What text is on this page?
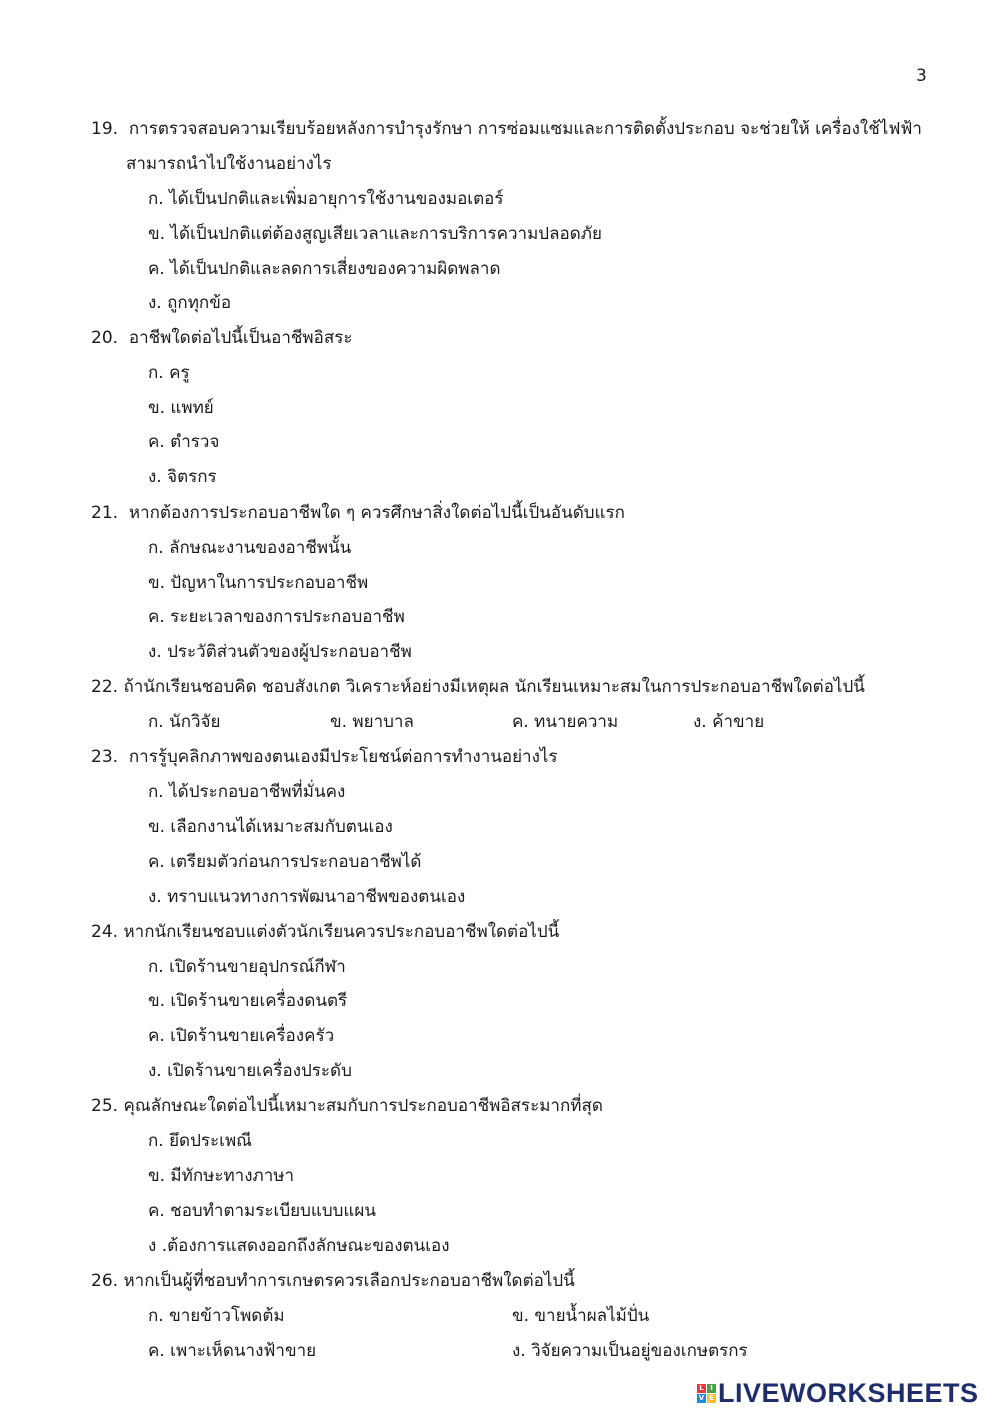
3
19. การตรวจสอบความเรียบร้อยหลังการบำรุงรักษา การซ่อมแซมและการติดตั้งประกอบ จะช่วยให้ เครื่องใช้ไฟฟ้า
สามารถนำไปใช้งานอย่างไร
ก. ได้เป็นปกติและเพิ่มอายุการใช้งานของมอเตอร์
ข. ได้เป็นปกติแต่ต้องสูญเสียเวลาและการบริการความปลอดภัย
ค. ได้เป็นปกติและลดการเสี่ยงของความผิดพลาด
ง. ถูกทุกข้อ
20. อาชีพใดต่อไปนี้เป็นอาชีพอิสระ
ก. ครู
ข. แพทย์
ค. ตำรวจ
ง. จิตรกร
21. หากต้องการประกอบอาชีพใด ๆ ควรศึกษาสิ่งใดต่อไปนี้เป็นอันดับแรก
ก. ลักษณะงานของอาชีพนั้น
ข. ปัญหาในการประกอบอาชีพ
ค. ระยะเวลาของการประกอบอาชีพ
ง. ประวัติส่วนตัวของผู้ประกอบอาชีพ
22. ถ้านักเรียนชอบคิด ชอบสังเกต วิเคราะห์อย่างมีเหตุผล นักเรียนเหมาะสมในการประกอบอาชีพใดต่อไปนี้
ก. นักวิจัย	ข. พยาบาล	ค. ทนายความ	ง. ค้าขาย
23. การรู้บุคลิกภาพของตนเองมีประโยชน์ต่อการทำงานอย่างไร
ก. ได้ประกอบอาชีพที่มั่นคง
ข. เลือกงานได้เหมาะสมกับตนเอง
ค. เตรียมตัวก่อนการประกอบอาชีพได้
ง. ทราบแนวทางการพัฒนาอาชีพของตนเอง
24. หากนักเรียนชอบแต่งตัวนักเรียนควรประกอบอาชีพใดต่อไปนี้
ก. เปิดร้านขายอุปกรณ์กีฬา
ข. เปิดร้านขายเครื่องดนตรี
ค. เปิดร้านขายเครื่องครัว
ง. เปิดร้านขายเครื่องประดับ
25. คุณลักษณะใดต่อไปนี้เหมาะสมกับการประกอบอาชีพอิสระมากที่สุด
ก. ยึดประเพณี
ข. มีทักษะทางภาษา
ค. ชอบทำตามระเบียบแบบแผน
ง .ต้องการแสดงออกถึงลักษณะของตนเอง
26. หากเป็นผู้ที่ชอบทำการเกษตรควรเลือกประกอบอาชีพใดต่อไปนี้
ก. ขายข้าวโพดต้ม	ข. ขายน้ำผลไม้ปั่น
ค. เพาะเห็ดนางฟ้าขาย	ง. วิจัยความเป็นอยู่ของเกษตรกร
L I
V E LIVEWORKSHEETS
